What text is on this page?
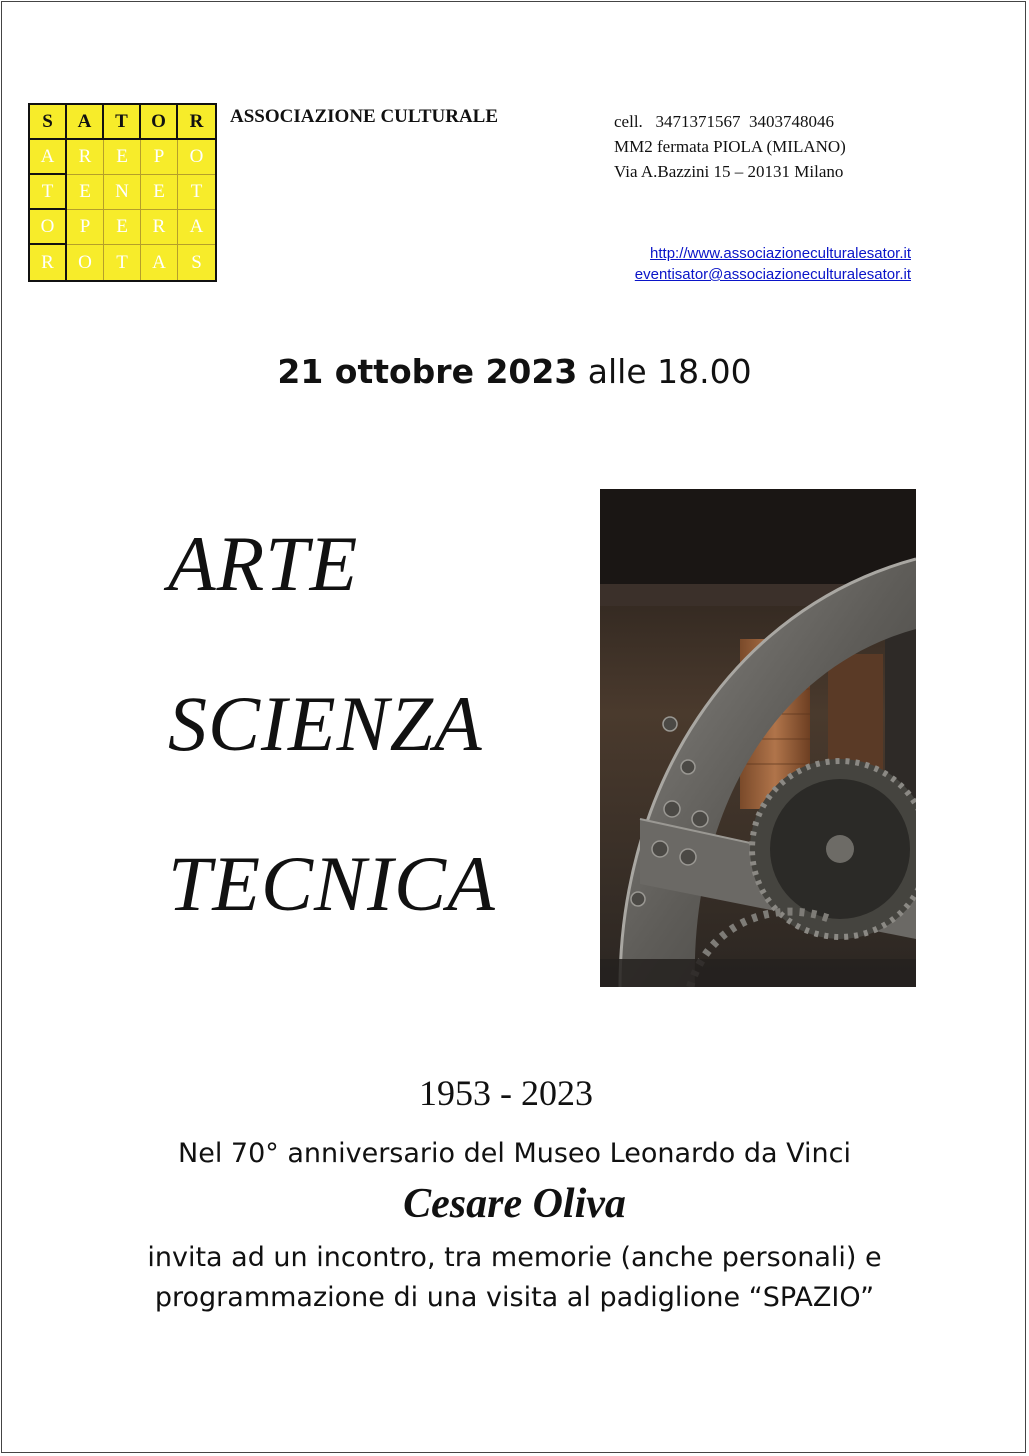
S	A	T	O	R
A	R	E	P	O
T	E	N	E	T
O	P	E	R	A
R	O	T	A	S
ASSOCIAZIONE CULTURALE	cell.   3471371567  3403748046
MM2 fermata PIOLA (MILANO)
Via A.Bazzini 15 – 20131 Milano
http://www.associazioneculturalesator.it
eventisator@associazioneculturalesator.it
21 ottobre 2023 alle 18.00
ARTE
SCIENZA
TECNICA
1953 - 2023
Nel 70° anniversario del Museo Leonardo da Vinci
Cesare Oliva
invita ad un incontro, tra memorie (anche personali) e
programmazione di una visita al padiglione “SPAZIO”
